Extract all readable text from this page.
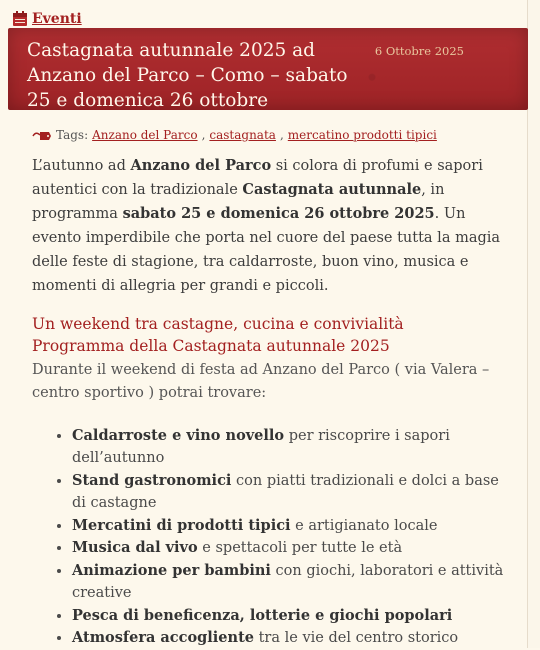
Eventi
Castagnata autunnale 2025 ad Anzano del Parco – Como – sabato 25 e domenica 26 ottobre
6 Ottobre 2025
Tags: Anzano del Parco , castagnata , mercatino prodotti tipici

L’autunno ad Anzano del Parco si colora di profumi e sapori autentici con la tradizionale Castagnata autunnale, in programma sabato 25 e domenica 26 ottobre 2025. Un evento imperdibile che porta nel cuore del paese tutta la magia delle feste di stagione, tra caldarroste, buon vino, musica e momenti di allegria per grandi e piccoli.

Un weekend tra castagne, cucina e convivialità
Programma della Castagnata autunnale 2025
Durante il weekend di festa ad Anzano del Parco ( via Valera – centro sportivo ) potrai trovare:
• Caldarroste e vino novello per riscoprire i sapori dell’autunno
• Stand gastronomici con piatti tradizionali e dolci a base di castagne
• Mercatini di prodotti tipici e artigianato locale
• Musica dal vivo e spettacoli per tutte le età
• Animazione per bambini con giochi, laboratori e attività creative
• Pesca di beneficenza, lotterie e giochi popolari
• Atmosfera accogliente tra le vie del centro storico
